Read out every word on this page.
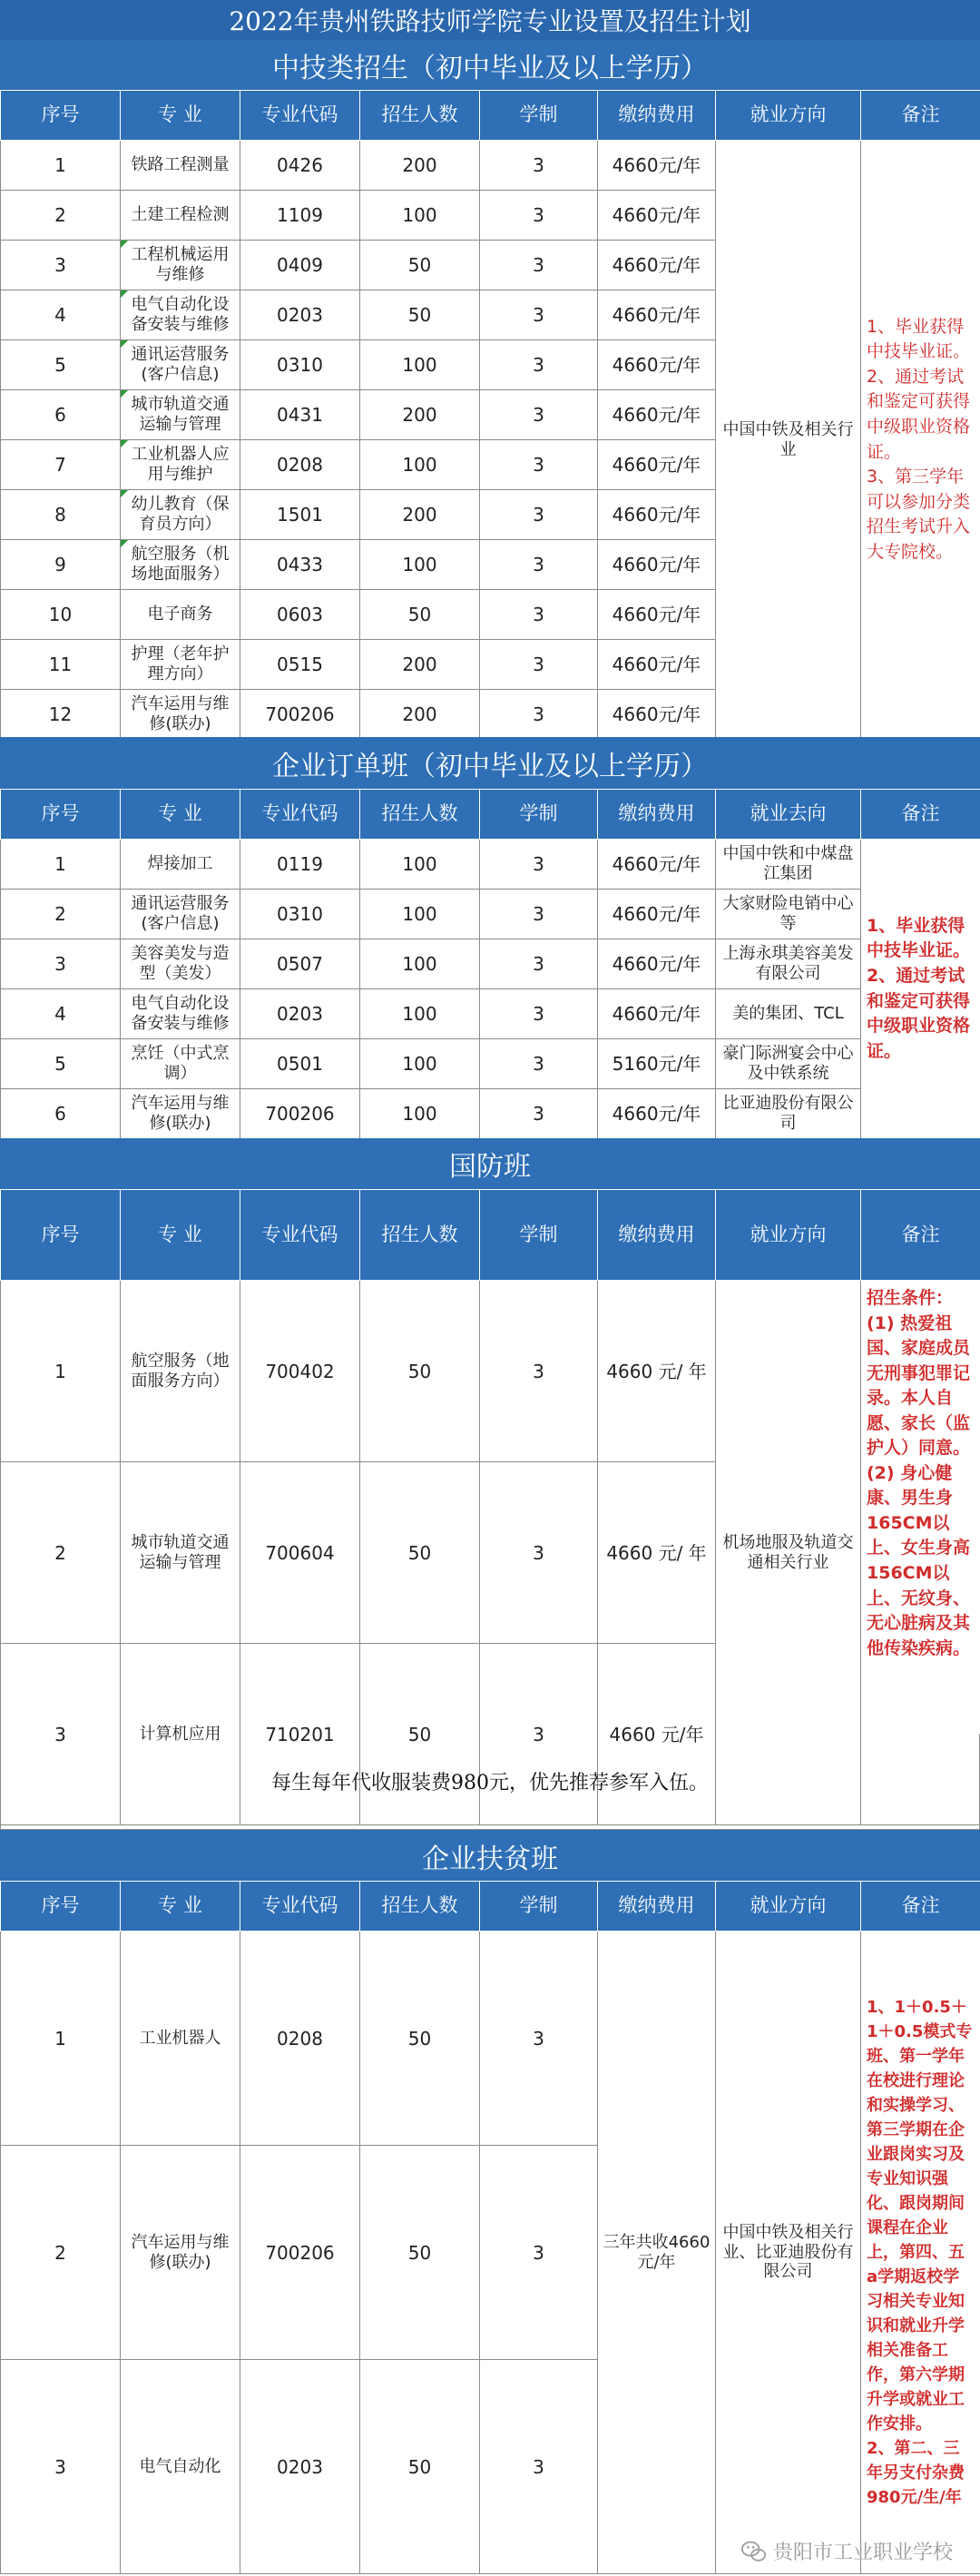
2022年贵州铁路技师学院专业设置及招生计划
中技类招生（初中毕业及以上学历）
序号	专 业	专业代码	招生人数	学制	缴纳费用	就业方向	备注
1	铁路工程测量	0426	200	3	4660元/年	中国中铁及相关行业	1、毕业获得中技毕业证。
2、通过考试和鉴定可获得中级职业资格证。
3、第三学年可以参加分类招生考试升入大专院校。
2	土建工程检测	1109	100	3	4660元/年		
3	工程机械运用与维修	0409	50	3	4660元/年		
4	电气自动化设备安装与维修	0203	50	3	4660元/年		
5	通讯运营服务(客户信息)	0310	100	3	4660元/年		
6	城市轨道交通运输与管理	0431	200	3	4660元/年		
7	工业机器人应用与维护	0208	100	3	4660元/年		
8	幼儿教育（保育员方向）	1501	200	3	4660元/年		
9	航空服务（机场地面服务）	0433	100	3	4660元/年		
10	电子商务	0603	50	3	4660元/年		
11	护理（老年护理方向）	0515	200	3	4660元/年		
12	汽车运用与维修(联办)	700206	200	3	4660元/年		
企业订单班（初中毕业及以上学历）
序号	专 业	专业代码	招生人数	学制	缴纳费用	就业去向	备注
1	焊接加工	0119	100	3	4660元/年	中国中铁和中煤盘江集团	1、毕业获得中技毕业证。
2、通过考试和鉴定可获得中级职业资格证。
2	通讯运营服务(客户信息)	0310	100	3	4660元/年	大家财险电销中心等	
3	美容美发与造型（美发）	0507	100	3	4660元/年	上海永琪美容美发有限公司	
4	电气自动化设备安装与维修	0203	100	3	4660元/年	美的集团、TCL	
5	烹饪（中式烹调）	0501	100	3	5160元/年	豪门际洲宴会中心及中铁系统	
6	汽车运用与维修(联办)	700206	100	3	4660元/年	比亚迪股份有限公司	
国防班
序号	专 业	专业代码	招生人数	学制	缴纳费用	就业方向	备注
1	航空服务（地面服务方向）	700402	50	3	4660 元/ 年	机场地服及轨道交通相关行业	招生条件：
(1) 热爱祖国、家庭成员无刑事犯罪记录。本人自愿、家长（监护人）同意。
(2) 身心健康、男生身165CM以上、女生身高156CM以上、无纹身、无心脏病及其他传染疾病。
2	城市轨道交通运输与管理	700604	50	3	4660 元/ 年		
3	计算机应用	710201	50	3	4660 元/年		
每生每年代收服装费980元，优先推荐参军入伍。
企业扶贫班
序号	专 业	专业代码	招生人数	学制	缴纳费用	就业方向	备注
1	工业机器人	0208	50	3	三年共收4660元/年	中国中铁及相关行业、比亚迪股份有限公司	1、1＋0.5＋1＋0.5模式专班、第一学年在校进行理论和实操学习、第三学期在企业跟岗实习及专业知识强化、跟岗期间课程在企业上，第四、五a学期返校学习相关专业知识和就业升学相关准备工作，第六学期升学或就业工作安排。
2、第二、三年另支付杂费980元/生/年
2	汽车运用与维修(联办)	700206	50	3			
3	电气自动化	0203	50	3			
贵阳市工业职业学校
